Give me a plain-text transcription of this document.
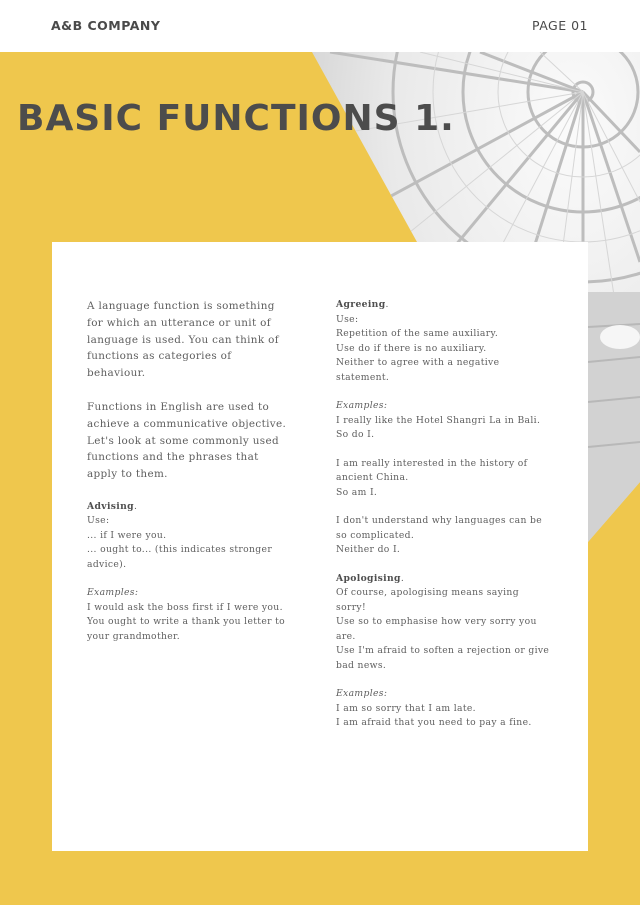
A&B COMPANY	PAGE 01
BASIC FUNCTIONS 1.

A language function is something for which an utterance or unit of language is used. You can think of functions as categories of behaviour.

Functions in English are used to achieve a communicative objective. Let's look at some commonly used functions and the phrases that apply to them.

Advising.
Use:
... if I were you.
... ought to... (this indicates stronger advice).
Examples:
I would ask the boss first if I were you.
You ought to write a thank you letter to your grandmother.
Agreeing.
Use:
Repetition of the same auxiliary.
Use do if there is no auxiliary.
Neither to agree with a negative statement.
Examples:
I really like the Hotel Shangri La in Bali.
So do I.
I am really interested in the history of ancient China.
So am I.
I don't understand why languages can be so complicated.
Neither do I.
Apologising.
Of course, apologising means saying sorry!
Use so to emphasise how very sorry you are.
Use I'm afraid to soften a rejection or give bad news.
Examples:
I am so sorry that I am late.
I am afraid that you need to pay a fine.
